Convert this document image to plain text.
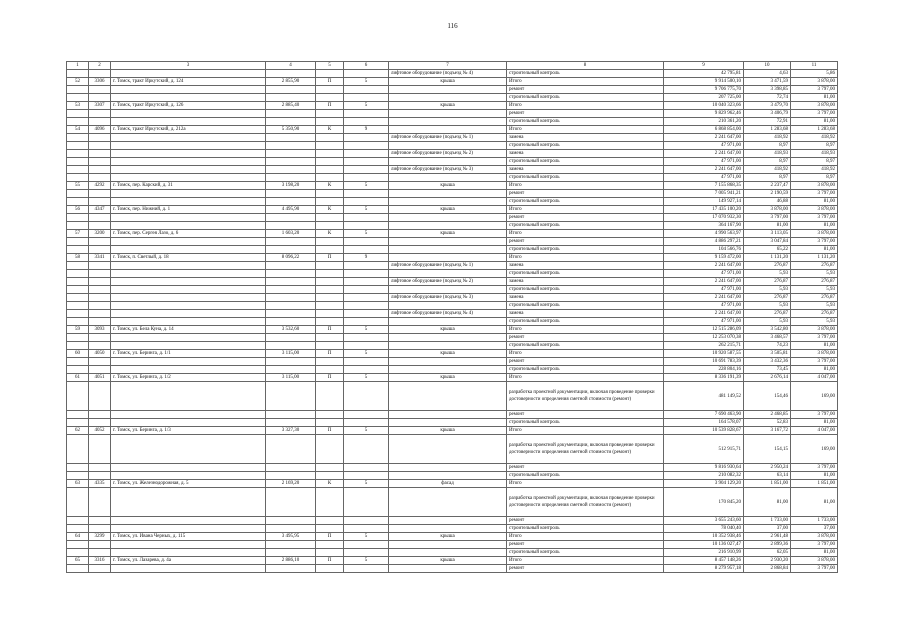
116
1	2	3	4	5	6	7	8	9	10	11
						лифтовое оборудование (подъезд № 4)	строительный контроль	42 795,81	4,63	5,86
52	3306	г. Томск, тракт Иркутский, д. 124	2 855,90	П	5	крыша	Итого	9 914 500,10	3 471,59	3 878,00
							ремонт	9 706 775,70	3 398,85	3 797,00
							строительный контроль	207 725,00	72,74	81,00
53	3307	г. Томск, тракт Иркутский, д. 126	2 885,40	П	5	крыша	Итого	10 040 323,66	3 479,70	3 878,00
							ремонт	9 829 962,46	3 406,79	3 797,00
							строительный контроль	210 361,20	72,91	81,00
54	4096	г. Томск, тракт Иркутский, д. 212а	5 350,90	К	9		Итого	6 868 854,00	1 283,68	1 283,68
						лифтовое оборудование (подъезд № 1)	замена	2 241 647,00	418,92	418,92
							строительный контроль	47 971,00	8,97	8,97
						лифтовое оборудование (подъезд № 2)	замена	2 241 647,00	418,93	418,93
							строительный контроль	47 971,00	8,97	8,97
						лифтовое оборудование (подъезд № 3)	замена	2 241 647,00	418,92	418,92
							строительный контроль	47 971,00	8,97	8,97
55	4292	г. Томск, пер. Карский, д. 31	3 198,20	К	5	крыша	Итого	7 155 868,35	2 237,47	3 878,00
							ремонт	7 005 941,21	2 190,59	3 797,00
							строительный контроль	149 927,14	46,88	81,00
56	4347	г. Томск, пер. Нижний, д. 1	4 495,90	К	5	крыша	Итого	17 435 100,20	3 878,00	3 878,00
							ремонт	17 070 932,30	3 797,00	3 797,00
							строительный контроль	364 167,90	81,00	81,00
57	3200	г. Томск, пер. Сергея Лазо, д. 6	1 603,20	К	5	крыша	Итого	4 990 563,97	3 113,05	3 878,00
							ремонт	4 886 297,21	3 047,84	3 797,00
							строительный контроль	104 566,76	65,22	81,00
58	3341	г. Томск, п. Светлый, д. 18	8 096,22	П	9		Итого	9 159 472,00	1 131,20	1 131,20
						лифтовое оборудование (подъезд № 1)	замена	2 241 647,00	276,87	276,87
							строительный контроль	47 971,00	5,93	5,93
						лифтовое оборудование (подъезд № 2)	замена	2 241 647,00	276,87	276,87
							строительный контроль	47 971,00	5,93	5,93
						лифтовое оборудование (подъезд № 3)	замена	2 241 647,00	276,87	276,87
							строительный контроль	47 971,00	5,93	5,93
						лифтовое оборудование (подъезд № 4)	замена	2 241 647,00	276,87	276,87
							строительный контроль	47 971,00	5,93	5,93
59	3093	г. Томск, ул. Бела Куна, д. 14	3 532,60	П	5	крыша	Итого	12 515 286,09	3 542,80	3 878,00
							ремонт	12 253 070,38	3 468,57	3 797,00
							строительный контроль	262 215,71	74,23	81,00
60	4050	г. Томск, ул. Беринга, д. 1/1	3 115,00	П	5	крыша	Итого	10 920 587,55	3 505,81	3 878,00
							ремонт	10 691 783,39	3 432,36	3 797,00
							строительный контроль	228 804,16	73,45	81,00
61	4051	г. Томск, ул. Беринга, д. 1/2	3 115,00	П	5	крыша	Итого	8 336 191,39	2 676,14	4 047,00
							разработка проектной документации, включая проведение проверки достоверности определения сметной стоимости (ремонт)	481 149,52	154,46	169,00
							ремонт	7 690 463,90	2 468,85	3 797,00
							строительный контроль	164 578,07	52,83	81,00
62	4052	г. Томск, ул. Беринга, д. 1/3	3 327,30	П	5	крыша	Итого	10 539 828,67	3 167,72	4 047,00
							разработка проектной документации, включая проведение проверки достоверности определения сметной стоимости (ремонт)	512 915,71	154,15	169,00
							ремонт	9 816 930,64	2 950,24	3 797,00
							строительный контроль	210 082,32	63,14	81,00
63	4335	г. Томск, ул. Железнодорожная, д. 5	2 169,20	К	5	фасад	Итого	3 904 129,20	1 851,00	1 851,00
							разработка проектной документации, включая проведение проверки достоверности определения сметной стоимости (ремонт)	170 845,20	81,00	81,00
							ремонт	3 655 243,60	1 733,00	1 733,00
							строительный контроль	78 040,40	37,00	37,00
64	3299	г. Томск, ул. Ивана Черных, д. 115	3 495,95	П	5	крыша	Итого	10 352 938,46	2 961,48	3 878,00
							ремонт	10 136 027,47	2 899,36	3 797,00
							строительный контроль	216 910,99	62,05	81,00
65	3316	г. Томск, ул. Лазарева, д. 4а	2 886,10	П	5	крыша	Итого	8 457 148,26	2 930,20	3 878,00
							ремонт	8 279 957,18	2 868,84	3 797,00
